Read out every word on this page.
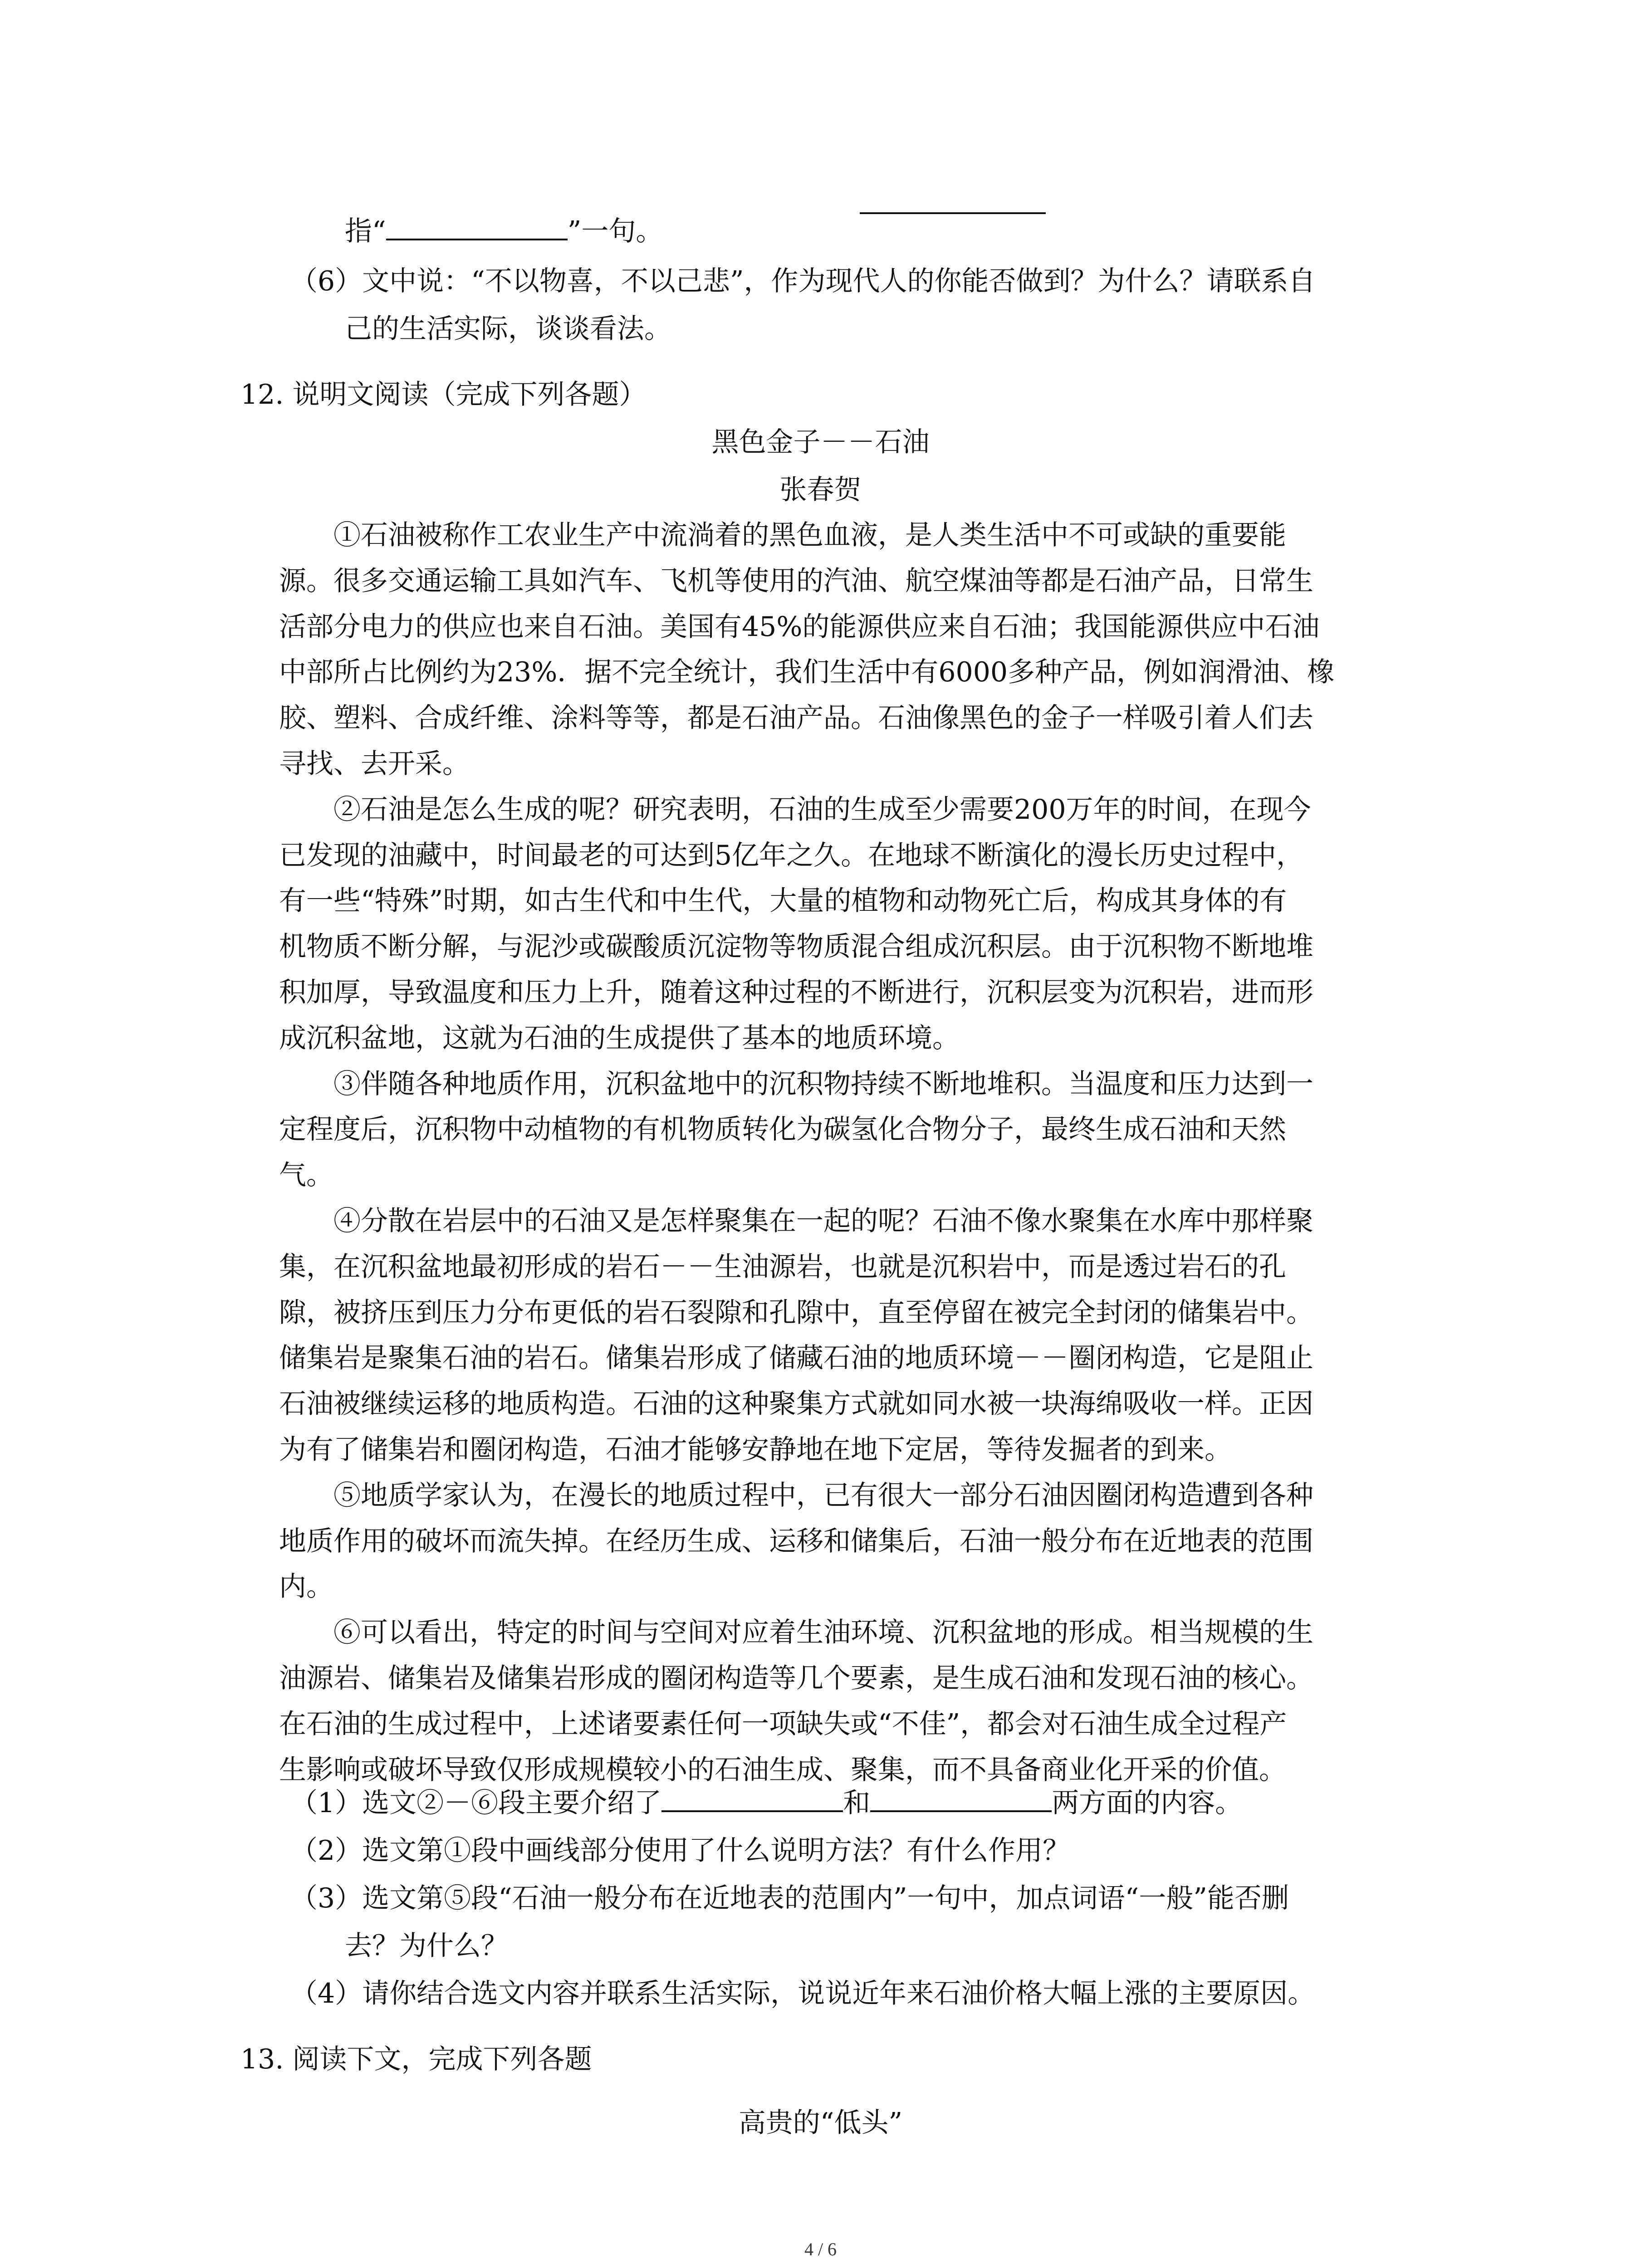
指“	”一句。
（6）文中说：“不以物喜，不以己悲”，作为现代人的你能否做到？为什么？请联系自
己的生活实际，谈谈看法。
12. 说明文阅读（完成下列各题）
黑色金子－－石油
张春贺
①石油被称作工农业生产中流淌着的黑色血液，是人类生活中不可或缺的重要能
源。很多交通运输工具如汽车、飞机等使用的汽油、航空煤油等都是石油产品，日常生
活部分电力的供应也来自石油。美国有45%的能源供应来自石油；我国能源供应中石油
中部所占比例约为23%．据不完全统计，我们生活中有6000多种产品，例如润滑油、橡
胶、塑料、合成纤维、涂料等等，都是石油产品。石油像黑色的金子一样吸引着人们去
寻找、去开采。
②石油是怎么生成的呢？研究表明，石油的生成至少需要200万年的时间，在现今
已发现的油藏中，时间最老的可达到5亿年之久。在地球不断演化的漫长历史过程中，
有一些“特殊”时期，如古生代和中生代，大量的植物和动物死亡后，构成其身体的有
机物质不断分解，与泥沙或碳酸质沉淀物等物质混合组成沉积层。由于沉积物不断地堆
积加厚，导致温度和压力上升，随着这种过程的不断进行，沉积层变为沉积岩，进而形
成沉积盆地，这就为石油的生成提供了基本的地质环境。
③伴随各种地质作用，沉积盆地中的沉积物持续不断地堆积。当温度和压力达到一
定程度后，沉积物中动植物的有机物质转化为碳氢化合物分子，最终生成石油和天然
气。
④分散在岩层中的石油又是怎样聚集在一起的呢？石油不像水聚集在水库中那样聚
集，在沉积盆地最初形成的岩石－－生油源岩，也就是沉积岩中，而是透过岩石的孔
隙，被挤压到压力分布更低的岩石裂隙和孔隙中，直至停留在被完全封闭的储集岩中。
储集岩是聚集石油的岩石。储集岩形成了储藏石油的地质环境－－圈闭构造，它是阻止
石油被继续运移的地质构造。石油的这种聚集方式就如同水被一块海绵吸收一样。正因
为有了储集岩和圈闭构造，石油才能够安静地在地下定居，等待发掘者的到来。
⑤地质学家认为，在漫长的地质过程中，已有很大一部分石油因圈闭构造遭到各种
地质作用的破坏而流失掉。在经历生成、运移和储集后，石油一般分布在近地表的范围
内。
⑥可以看出，特定的时间与空间对应着生油环境、沉积盆地的形成。相当规模的生
油源岩、储集岩及储集岩形成的圈闭构造等几个要素，是生成石油和发现石油的核心。
在石油的生成过程中，上述诸要素任何一项缺失或“不佳”，都会对石油生成全过程产
生影响或破坏导致仅形成规模较小的石油生成、聚集，而不具备商业化开采的价值。
（1）选文②－⑥段主要介绍了	和	两方面的内容。
（2）选文第①段中画线部分使用了什么说明方法？有什么作用？
（3）选文第⑤段“石油一般分布在近地表的范围内”一句中，加点词语“一般”能否删
去？为什么？
（4）请你结合选文内容并联系生活实际，说说近年来石油价格大幅上涨的主要原因。
13. 阅读下文，完成下列各题
高贵的“低头”
4 / 6
